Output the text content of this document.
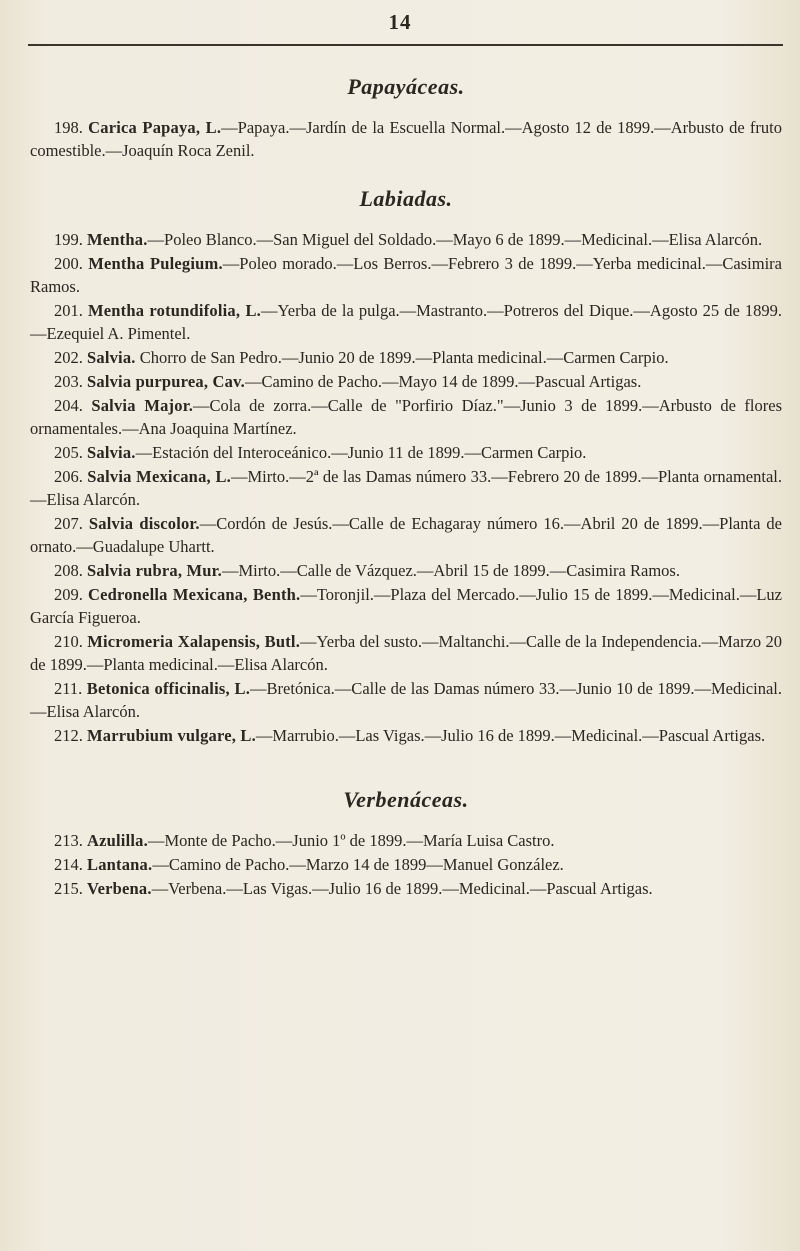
14
Papayáceas.

198. Carica Papaya, L.—Papaya.—Jardín de la Escuella Normal.—Agosto 12 de 1899.—Arbusto de fruto comestible.—Joaquín Roca Zenil.

Labiadas.

199. Mentha.—Poleo Blanco.—San Miguel del Soldado.—Mayo 6 de 1899.—Medicinal.—Elisa Alarcón.

200. Mentha Pulegium.—Poleo morado.—Los Berros.—Febrero 3 de 1899.—Yerba medicinal.—Casimira Ramos.

201. Mentha rotundifolia, L.—Yerba de la pulga.—Mastranto.—Potreros del Dique.—Agosto 25 de 1899.—Ezequiel A. Pimentel.

202. Salvia. Chorro de San Pedro.—Junio 20 de 1899.—Planta medicinal.—Carmen Carpio.

203. Salvia purpurea, Cav.—Camino de Pacho.—Mayo 14 de 1899.—Pascual Artigas.

204. Salvia Major.—Cola de zorra.—Calle de "Porfirio Díaz."—Junio 3 de 1899.—Arbusto de flores ornamentales.—Ana Joaquina Martínez.

205. Salvia.—Estación del Interoceánico.—Junio 11 de 1899.—Carmen Carpio.

206. Salvia Mexicana, L.—Mirto.—2ª de las Damas número 33.—Febrero 20 de 1899.—Planta ornamental.—Elisa Alarcón.

207. Salvia discolor.—Cordón de Jesús.—Calle de Echagaray número 16.—Abril 20 de 1899.—Planta de ornato.—Guadalupe Uhartt.

208. Salvia rubra, Mur.—Mirto.—Calle de Vázquez.—Abril 15 de 1899.—Casimira Ramos.

209. Cedronella Mexicana, Benth.—Toronjil.—Plaza del Mercado.—Julio 15 de 1899.—Medicinal.—Luz García Figueroa.

210. Micromeria Xalapensis, Butl.—Yerba del susto.—Maltanchi.—Calle de la Independencia.—Marzo 20 de 1899.—Planta medicinal.—Elisa Alarcón.

211. Betonica officinalis, L.—Bretónica.—Calle de las Damas número 33.—Junio 10 de 1899.—Medicinal.—Elisa Alarcón.

212. Marrubium vulgare, L.—Marrubio.—Las Vigas.—Julio 16 de 1899.—Medicinal.—Pascual Artigas.

Verbenáceas.

213. Azulilla.—Monte de Pacho.—Junio 1º de 1899.—María Luisa Castro.

214. Lantana.—Camino de Pacho.—Marzo 14 de 1899—Manuel González.

215. Verbena.—Verbena.—Las Vigas.—Julio 16 de 1899.—Medicinal.—Pascual Artigas.
